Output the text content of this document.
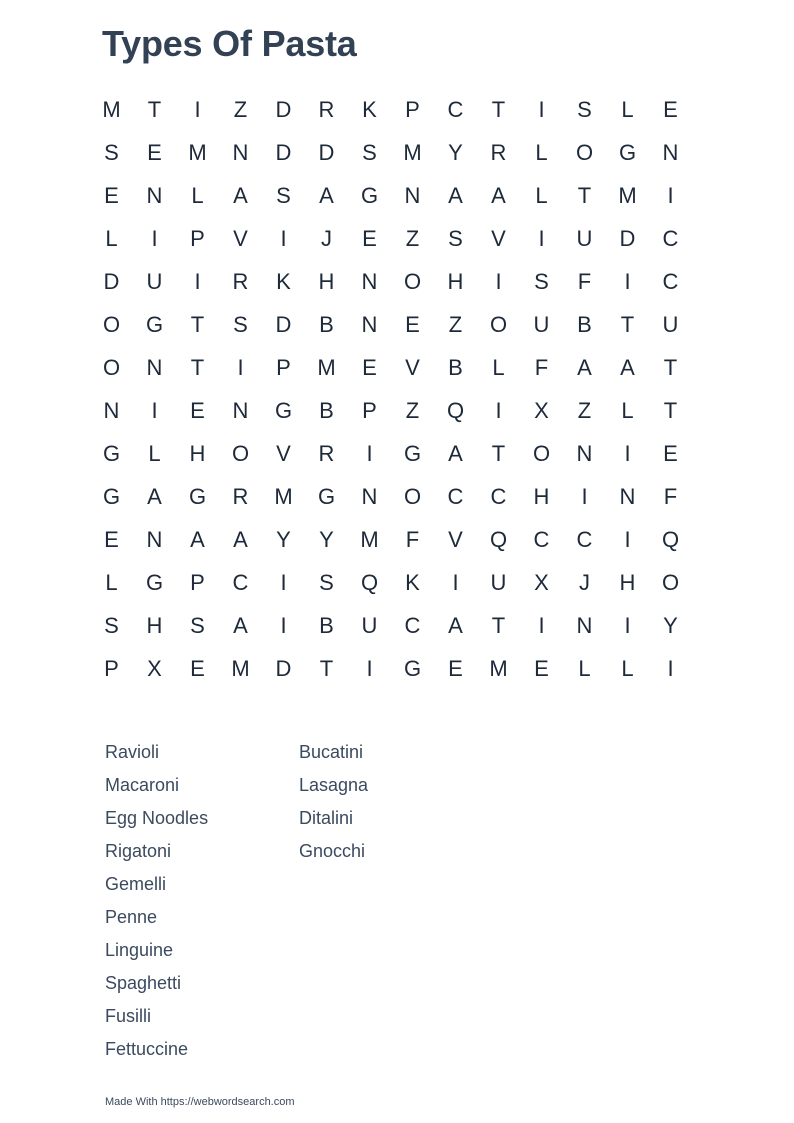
Types Of Pasta
M	T	I	Z	D	R	K	P	C	T	I	S	L	E
S	E	M	N	D	D	S	M	Y	R	L	O	G	N
E	N	L	A	S	A	G	N	A	A	L	T	M	I
L	I	P	V	I	J	E	Z	S	V	I	U	D	C
D	U	I	R	K	H	N	O	H	I	S	F	I	C
O	G	T	S	D	B	N	E	Z	O	U	B	T	U
O	N	T	I	P	M	E	V	B	L	F	A	A	T
N	I	E	N	G	B	P	Z	Q	I	X	Z	L	T
G	L	H	O	V	R	I	G	A	T	O	N	I	E
G	A	G	R	M	G	N	O	C	C	H	I	N	F
E	N	A	A	Y	Y	M	F	V	Q	C	C	I	Q
L	G	P	C	I	S	Q	K	I	U	X	J	H	O
S	H	S	A	I	B	U	C	A	T	I	N	I	Y
P	X	E	M	D	T	I	G	E	M	E	L	L	I
Ravioli
Macaroni
Egg Noodles
Rigatoni
Gemelli
Penne
Linguine
Spaghetti
Fusilli
Fettuccine
Bucatini
Lasagna
Ditalini
Gnocchi
Made With https://webwordsearch.com
